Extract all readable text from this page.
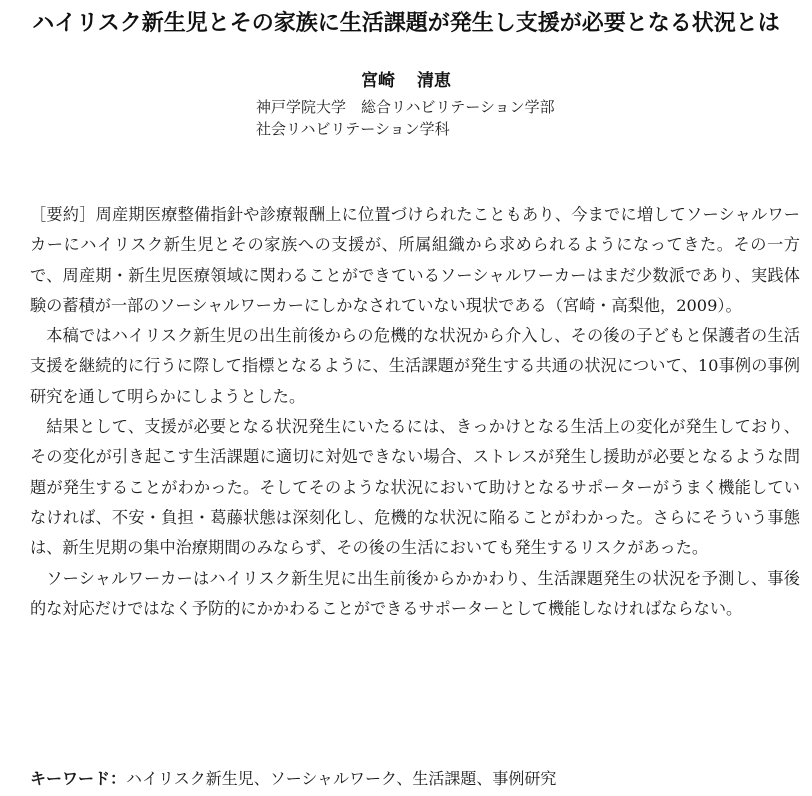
ハイリスク新生児とその家族に生活課題が発生し支援が必要となる状況とは
宮崎 清恵
神戸学院大学　総合リハビリテーション学部
社会リハビリテーション学科

［要約］周産期医療整備指針や診療報酬上に位置づけられたこともあり、今までに増してソーシャルワーカーにハイリスク新生児とその家族への支援が、所属組織から求められるようになってきた。その一方で、周産期・新生児医療領域に関わることができているソーシャルワーカーはまだ少数派であり、実践体験の蓄積が一部のソーシャルワーカーにしかなされていない現状である（宮崎・高梨他，2009）。

本稿ではハイリスク新生児の出生前後からの危機的な状況から介入し、その後の子どもと保護者の生活支援を継続的に行うに際して指標となるように、生活課題が発生する共通の状況について、10事例の事例研究を通して明らかにしようとした。

結果として、支援が必要となる状況発生にいたるには、きっかけとなる生活上の変化が発生しており、その変化が引き起こす生活課題に適切に対処できない場合、ストレスが発生し援助が必要となるような問題が発生することがわかった。そしてそのような状況において助けとなるサポーターがうまく機能していなければ、不安・負担・葛藤状態は深刻化し、危機的な状況に陥ることがわかった。さらにそういう事態は、新生児期の集中治療期間のみならず、その後の生活においても発生するリスクがあった。

ソーシャルワーカーはハイリスク新生児に出生前後からかかわり、生活課題発生の状況を予測し、事後的な対応だけではなく予防的にかかわることができるサポーターとして機能しなければならない。

キーワード：ハイリスク新生児、ソーシャルワーク、生活課題、事例研究
